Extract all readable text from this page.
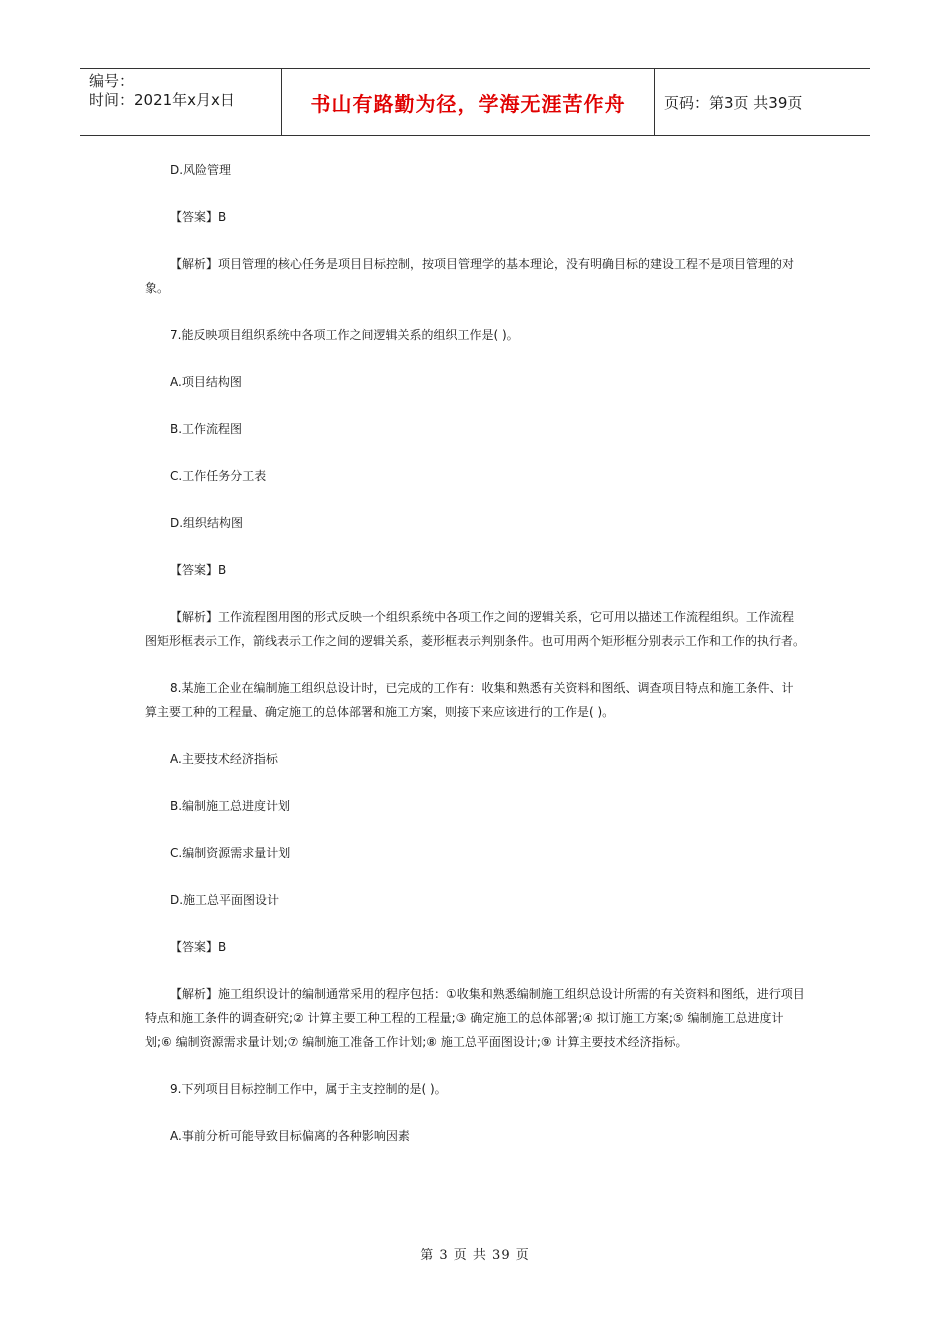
编号：
时间：2021年x月x日	书山有路勤为径，学海无涯苦作舟	页码：第3页 共39页

D.风险管理

【答案】B

【解析】项目管理的核心任务是项目目标控制，按项目管理学的基本理论，没有明确目标的建设工程不是项目管理的对象。

7.能反映项目组织系统中各项工作之间逻辑关系的组织工作是( )。

A.项目结构图

B.工作流程图

C.工作任务分工表

D.组织结构图

【答案】B

【解析】工作流程图用图的形式反映一个组织系统中各项工作之间的逻辑关系，它可用以描述工作流程组织。工作流程图矩形框表示工作，箭线表示工作之间的逻辑关系，菱形框表示判别条件。也可用两个矩形框分别表示工作和工作的执行者。

8.某施工企业在编制施工组织总设计时，已完成的工作有：收集和熟悉有关资料和图纸、调查项目特点和施工条件、计算主要工种的工程量、确定施工的总体部署和施工方案，则接下来应该进行的工作是( )。

A.主要技术经济指标

B.编制施工总进度计划

C.编制资源需求量计划

D.施工总平面图设计

【答案】B

【解析】施工组织设计的编制通常采用的程序包括：①收集和熟悉编制施工组织总设计所需的有关资料和图纸，进行项目特点和施工条件的调查研究;② 计算主要工种工程的工程量;③ 确定施工的总体部署;④ 拟订施工方案;⑤ 编制施工总进度计划;⑥ 编制资源需求量计划;⑦ 编制施工准备工作计划;⑧ 施工总平面图设计;⑨ 计算主要技术经济指标。

9.下列项目目标控制工作中，属于主支控制的是( )。

A.事前分析可能导致目标偏离的各种影响因素

第 3 页 共 39 页
